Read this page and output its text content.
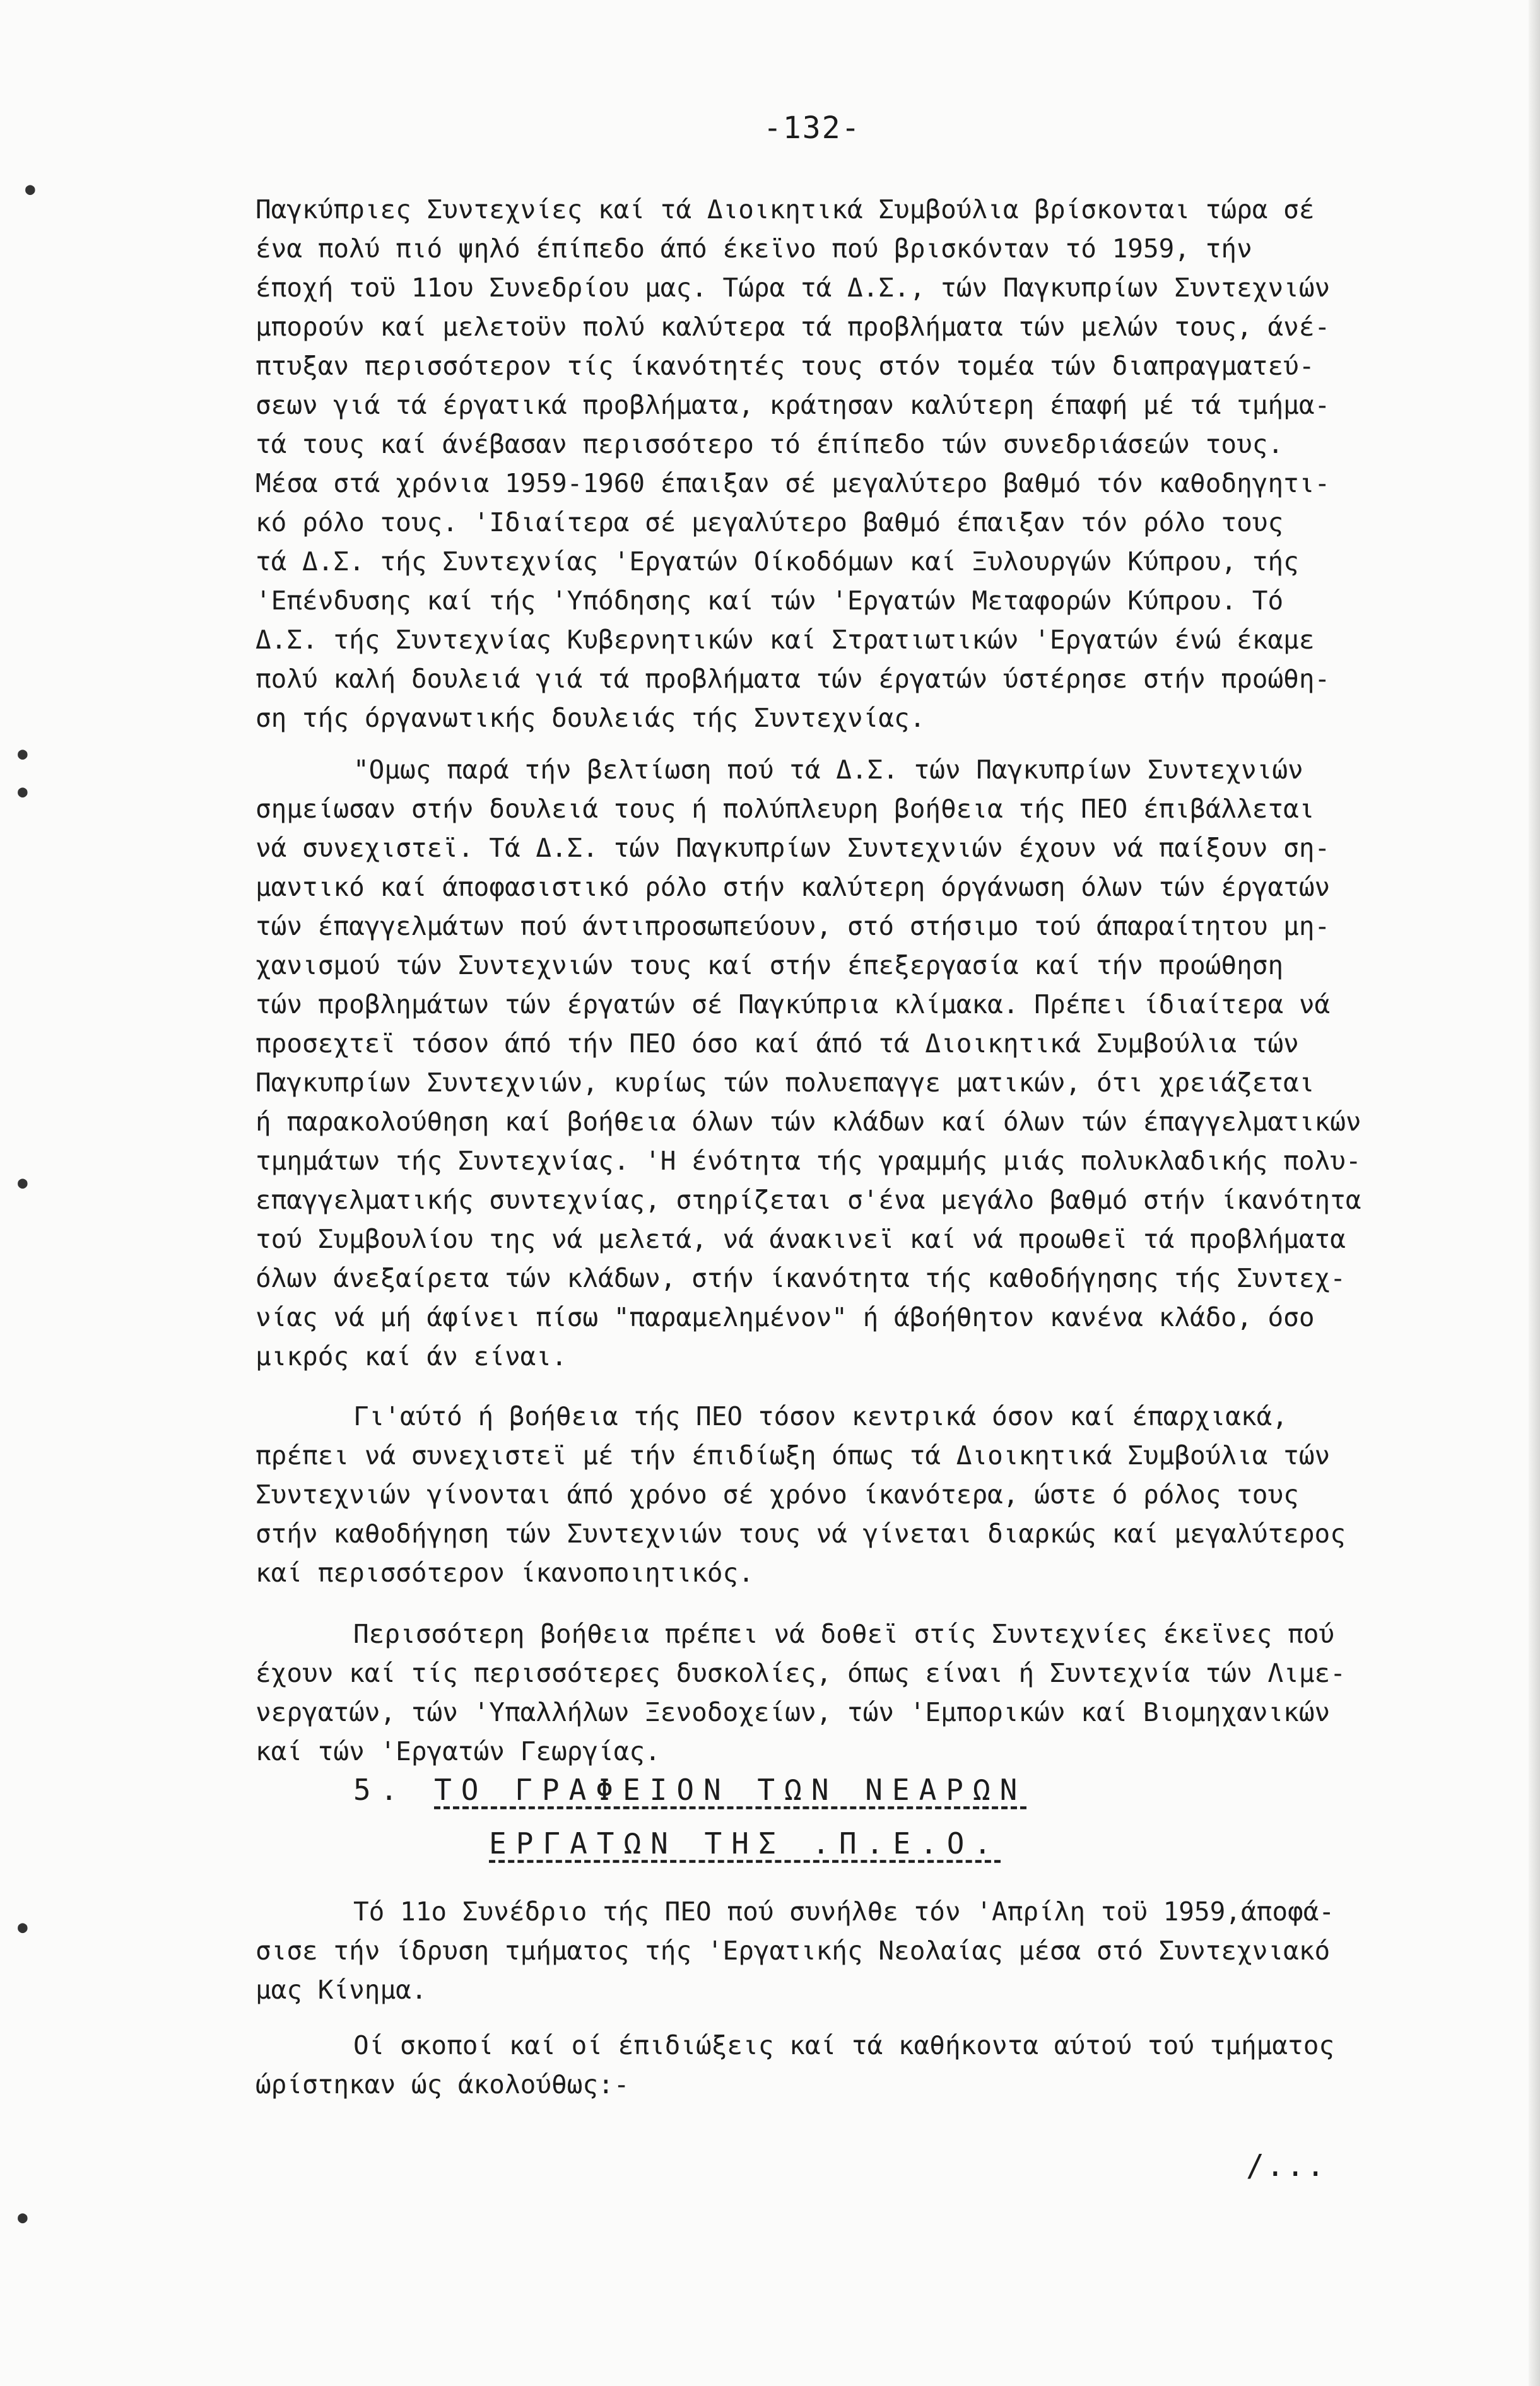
●
●
●
●
●
●
-132-
Παγκύπριες Συντεχνίες καί τά Διοικητικά Συμβούλια βρίσκονται τώρα σέ
ένα πολύ πιό ψηλό έπίπεδο άπό έκεϊνο πού βρισκόνταν τό 1959, τήν
έποχή τοϋ 11ου Συνεδρίου μας. Τώρα τά Δ.Σ., τών Παγκυπρίων Συντεχνιών
μπορούν καί μελετοϋν πολύ καλύτερα τά προβλήματα τών μελών τους, άνέ-
πτυξαν περισσότερον τίς ίκανότητές τους στόν τομέα τών διαπραγματεύ-
σεων γιά τά έργατικά προβλήματα, κράτησαν καλύτερη έπαφή μέ τά τμήμα-
τά τους καί άνέβασαν περισσότερο τό έπίπεδο τών συνεδριάσεών τους.
Μέσα στά χρόνια 1959-1960 έπαιξαν σέ μεγαλύτερο βαθμό τόν καθοδηγητι-
κό ρόλο τους. 'Ιδιαίτερα σέ μεγαλύτερο βαθμό έπαιξαν τόν ρόλο τους
τά Δ.Σ. τής Συντεχνίας 'Εργατών Οίκοδόμων καί Ξυλουργών Κύπρου, τής
'Επένδυσης καί τής 'Υπόδησης καί τών 'Εργατών Μεταφορών Κύπρου. Τό
Δ.Σ. τής Συντεχνίας Κυβερνητικών καί Στρατιωτικών 'Εργατών ένώ έκαμε
πολύ καλή δουλειά γιά τά προβλήματα τών έργατών ύστέρησε στήν προώθη-
ση τής όργανωτικής δουλειάς τής Συντεχνίας.
"Ομως παρά τήν βελτίωση πού τά Δ.Σ. τών Παγκυπρίων Συντεχνιών
σημείωσαν στήν δουλειά τους ή πολύπλευρη βοήθεια τής ΠΕΟ έπιβάλλεται
νά συνεχιστεϊ. Τά Δ.Σ. τών Παγκυπρίων Συντεχνιών έχουν νά παίξουν ση-
μαντικό καί άποφασιστικό ρόλο στήν καλύτερη όργάνωση όλων τών έργατών
τών έπαγγελμάτων πού άντιπροσωπεύουν, στό στήσιμο τού άπαραίτητου μη-
χανισμού τών Συντεχνιών τους καί στήν έπεξεργασία καί τήν προώθηση
τών προβλημάτων τών έργατών σέ Παγκύπρια κλίμακα. Πρέπει ίδιαίτερα νά
προσεχτεϊ τόσον άπό τήν ΠΕΟ όσο καί άπό τά Διοικητικά Συμβούλια τών
Παγκυπρίων Συντεχνιών, κυρίως τών πολυεπαγγε ματικών, ότι χρειάζεται
ή παρακολούθηση καί βοήθεια όλων τών κλάδων καί όλων τών έπαγγελματικών
τμημάτων τής Συντεχνίας. 'Η ένότητα τής γραμμής μιάς πολυκλαδικής πολυ-
επαγγελματικής συντεχνίας, στηρίζεται σ'ένα μεγάλο βαθμό στήν ίκανότητα
τού Συμβουλίου της νά μελετά, νά άνακινεϊ καί νά προωθεϊ τά προβλήματα
όλων άνεξαίρετα τών κλάδων, στήν ίκανότητα τής καθοδήγησης τής Συντεχ-
νίας νά μή άφίνει πίσω "παραμελημένον" ή άβοήθητον κανένα κλάδο, όσο
μικρός καί άν είναι.
Γι'αύτό ή βοήθεια τής ΠΕΟ τόσον κεντρικά όσον καί έπαρχιακά,
πρέπει νά συνεχιστεϊ μέ τήν έπιδίωξη όπως τά Διοικητικά Συμβούλια τών
Συντεχνιών γίνονται άπό χρόνο σέ χρόνο ίκανότερα, ώστε ό ρόλος τους
στήν καθοδήγηση τών Συντεχνιών τους νά γίνεται διαρκώς καί μεγαλύτερος
καί περισσότερον ίκανοποιητικός.
Περισσότερη βοήθεια πρέπει νά δοθεϊ στίς Συντεχνίες έκεϊνες πού
έχουν καί τίς περισσότερες δυσκολίες, όπως είναι ή Συντεχνία τών Λιμε-
νεργατών, τών 'Υπαλλήλων Ξενοδοχείων, τών 'Εμπορικών καί Βιομηχανικών
καί τών 'Εργατών Γεωργίας.
5. ΤΟ ΓΡΑΦΕΙΟΝ ΤΩΝ ΝΕΑΡΩΝ
ΕΡΓΑΤΩΝ ΤΗΣ .Π.Ε.Ο.
Τό 11ο Συνέδριο τής ΠΕΟ πού συνήλθε τόν 'Απρίλη τοϋ 1959,άποφά-
σισε τήν ίδρυση τμήματος τής 'Εργατικής Νεολαίας μέσα στό Συντεχνιακό
μας Κίνημα.
Οί σκοποί καί οί έπιδιώξεις καί τά καθήκοντα αύτού τού τμήματος
ώρίστηκαν ώς άκολούθως:-
/...
